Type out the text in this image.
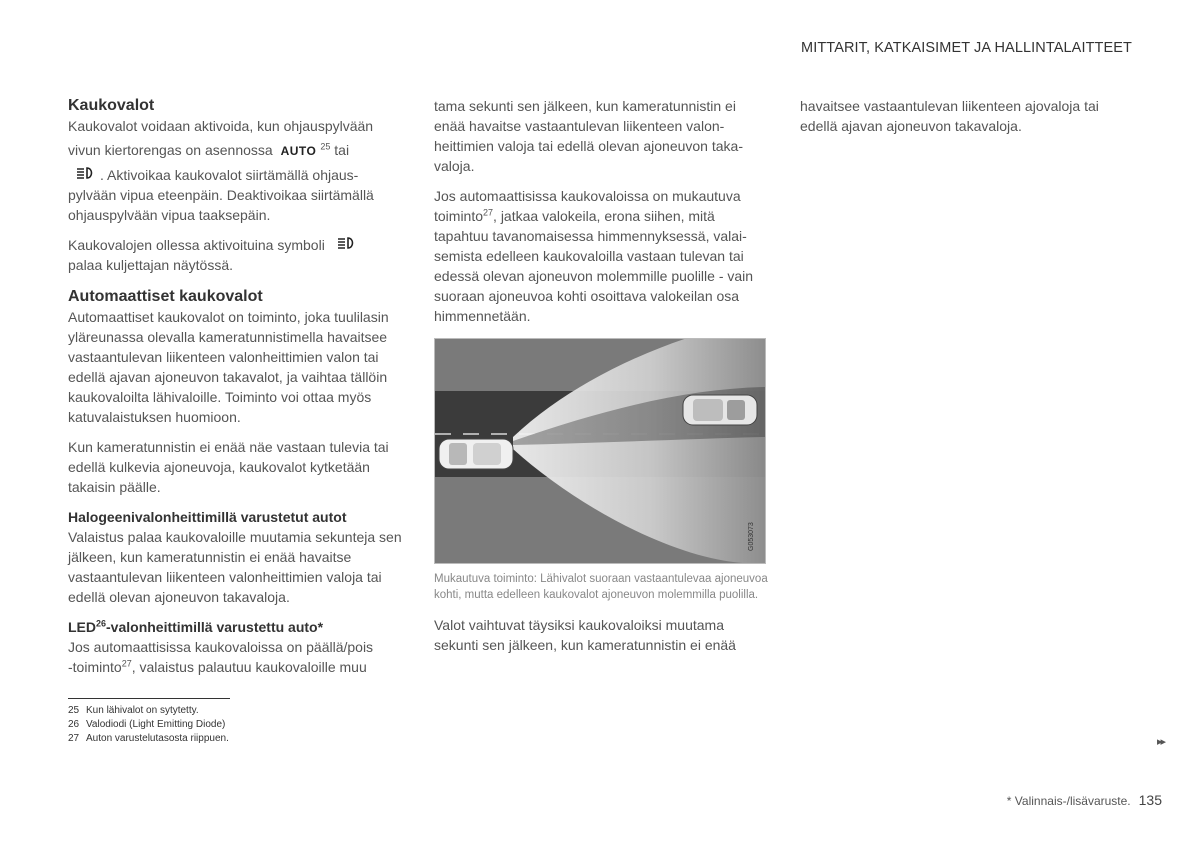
MITTARIT, KATKAISIMET JA HALLINTALAITTEET
Kaukovalot
Kaukovalot voidaan aktivoida, kun ohjauspylvään
vivun kiertorengas on asennossa AUTO $^{25}$ tai
. Aktivoikaa kaukovalot siirtämällä ohjaus-
pylvään vipua eteenpäin. Deaktivoikaa siirtämällä ohjauspylvään vipua taaksepäin.
Kaukovalojen ollessa aktivoituina symboli
palaa kuljettajan näytössä.
Automaattiset kaukovalot

Automaattiset kaukovalot on toiminto, joka tuulilasin yläreunassa olevalla kameratunnistimella havaitsee vastaantulevan liikenteen valonheittimien valon tai edellä ajavan ajoneuvon takavalot, ja vaihtaa tällöin kaukovaloilta lähivaloille. Toiminto voi ottaa myös katuvalaistuksen huomioon.

Kun kameratunnistin ei enää näe vastaan tulevia tai edellä kulkevia ajoneuvoja, kaukovalot kytketään takaisin päälle.

Halogeenivalonheittimillä varustetut autot

Valaistus palaa kaukovaloille muutamia sekunteja sen jälkeen, kun kameratunnistin ei enää havaitse vastaantulevan liikenteen valonheittimien valoja tai edellä olevan ajoneuvon takavaloja.

LED$^{26}$-valonheittimillä varustettu auto*

Jos automaattisissa kaukovaloissa on päällä/pois
-toiminto$^{27}$, valaistus palautuu kaukovaloille muu

tama sekunti sen jälkeen, kun kameratunnistin ei enää havaitse vastaantulevan liikenteen valonheittimien valoja tai edellä olevan ajoneuvon takavaloja.

Jos automaattisissa kaukovaloissa on mukautuva toiminto$^{27}$, jatkaa valokeila, erona siihen, mitä tapahtuu tavanomaisessa himmennyksessä, valaisemista edelleen kaukovaloilla vastaan tulevan tai edessä olevan ajoneuvon molemmille puolille - vain suoraan ajoneuvoa kohti osoittava valokeilan osa himmennetään.

G053073
Mukautuva toiminto: Lähivalot suoraan vastaantulevaa ajoneuvoa kohti, mutta edelleen kaukovalot ajoneuvon molemmilla puolilla.

Valot vaihtuvat täysiksi kaukovaloiksi muutama sekunti sen jälkeen, kun kameratunnistin ei enää

havaitsee vastaantulevan liikenteen ajovaloja tai edellä ajavan ajoneuvon takavaloja.

25 Kun lähivalot on sytytetty.
26 Valodiodi (Light Emitting Diode)
27 Auton varustelutasosta riippuen.	▸▸
* Valinnais-/lisävaruste. 135
